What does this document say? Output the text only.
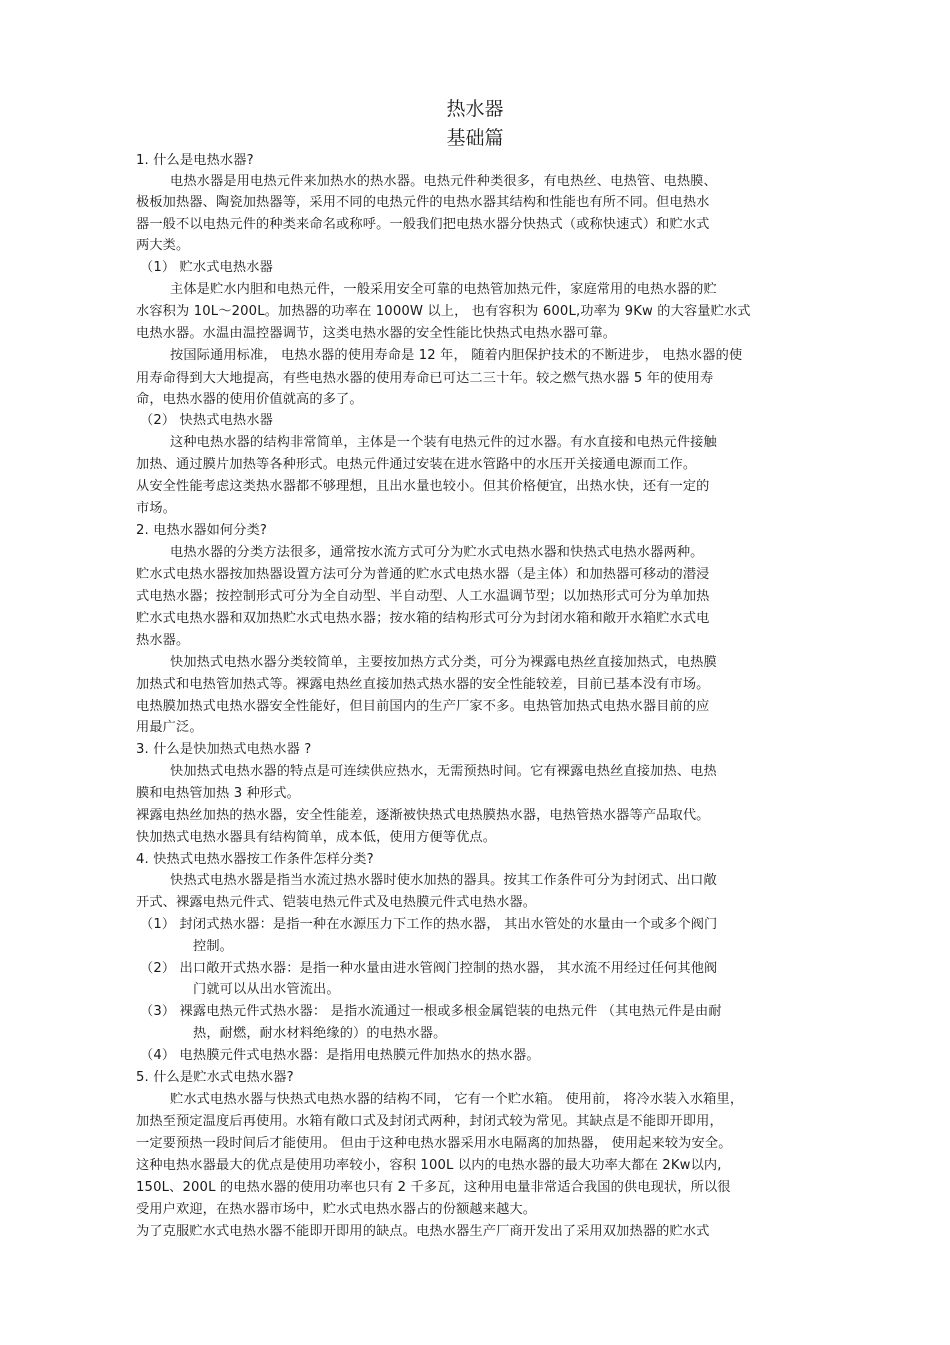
热水器
基础篇
1. 什么是电热水器?
电热水器是用电热元件来加热水的热水器。电热元件种类很多，有电热丝、电热管、电热膜、
极板加热器、陶瓷加热器等，采用不同的电热元件的电热水器其结构和性能也有所不同。但电热水
器一般不以电热元件的种类来命名或称呼。一般我们把电热水器分快热式（或称快速式）和贮水式
两大类。
（1） 贮水式电热水器
主体是贮水内胆和电热元件，一般采用安全可靠的电热管加热元件，家庭常用的电热水器的贮
水容积为 10L～200L。加热器的功率在 1000W 以上， 也有容积为 600L,功率为 9Kw 的大容量贮水式
电热水器。水温由温控器调节，这类电热水器的安全性能比快热式电热水器可靠。
按国际通用标准， 电热水器的使用寿命是 12 年， 随着内胆保护技术的不断进步， 电热水器的使
用寿命得到大大地提高，有些电热水器的使用寿命已可达二三十年。较之燃气热水器 5 年的使用寿
命，电热水器的使用价值就高的多了。
（2） 快热式电热水器
这种电热水器的结构非常简单，主体是一个装有电热元件的过水器。有水直接和电热元件接触
加热、通过膜片加热等各种形式。电热元件通过安装在进水管路中的水压开关接通电源而工作。
从安全性能考虑这类热水器都不够理想，且出水量也较小。但其价格便宜，出热水快，还有一定的
市场。
2. 电热水器如何分类?
电热水器的分类方法很多，通常按水流方式可分为贮水式电热水器和快热式电热水器两种。
贮水式电热水器按加热器设置方法可分为普通的贮水式电热水器（是主体）和加热器可移动的潜浸
式电热水器；按控制形式可分为全自动型、半自动型、人工水温调节型；以加热形式可分为单加热
贮水式电热水器和双加热贮水式电热水器；按水箱的结构形式可分为封闭水箱和敞开水箱贮水式电
热水器。
快加热式电热水器分类较简单，主要按加热方式分类，可分为裸露电热丝直接加热式，电热膜
加热式和电热管加热式等。裸露电热丝直接加热式热水器的安全性能较差，目前已基本没有市场。
电热膜加热式电热水器安全性能好，但目前国内的生产厂家不多。电热管加热式电热水器目前的应
用最广泛。
3. 什么是快加热式电热水器 ?
快加热式电热水器的特点是可连续供应热水，无需预热时间。它有裸露电热丝直接加热、电热
膜和电热管加热 3 种形式。
裸露电热丝加热的热水器，安全性能差，逐渐被快热式电热膜热水器，电热管热水器等产品取代。
快加热式电热水器具有结构简单，成本低，使用方便等优点。
4. 快热式电热水器按工作条件怎样分类?
快热式电热水器是指当水流过热水器时使水加热的器具。按其工作条件可分为封闭式、出口敞
开式、裸露电热元件式、铠装电热元件式及电热膜元件式电热水器。
（1） 封闭式热水器：是指一种在水源压力下工作的热水器， 其出水管处的水量由一个或多个阀门
控制。
（2） 出口敞开式热水器：是指一种水量由进水管阀门控制的热水器， 其水流不用经过任何其他阀
门就可以从出水管流出。
（3） 裸露电热元件式热水器： 是指水流通过一根或多根金属铠装的电热元件 （其电热元件是由耐
热，耐燃，耐水材料绝缘的）的电热水器。
（4） 电热膜元件式电热水器：是指用电热膜元件加热水的热水器。
5. 什么是贮水式电热水器?
贮水式电热水器与快热式电热水器的结构不同， 它有一个贮水箱。 使用前， 将冷水装入水箱里，
加热至预定温度后再使用。水箱有敞口式及封闭式两种，封闭式较为常见。其缺点是不能即开即用，
一定要预热一段时间后才能使用。 但由于这种电热水器采用水电隔离的加热器， 使用起来较为安全。
这种电热水器最大的优点是使用功率较小，容积 100L 以内的电热水器的最大功率大都在 2Kw以内,
150L、200L 的电热水器的使用功率也只有 2 千多瓦，这种用电量非常适合我国的供电现状，所以很
受用户欢迎，在热水器市场中，贮水式电热水器占的份额越来越大。
为了克服贮水式电热水器不能即开即用的缺点。电热水器生产厂商开发出了采用双加热器的贮水式
